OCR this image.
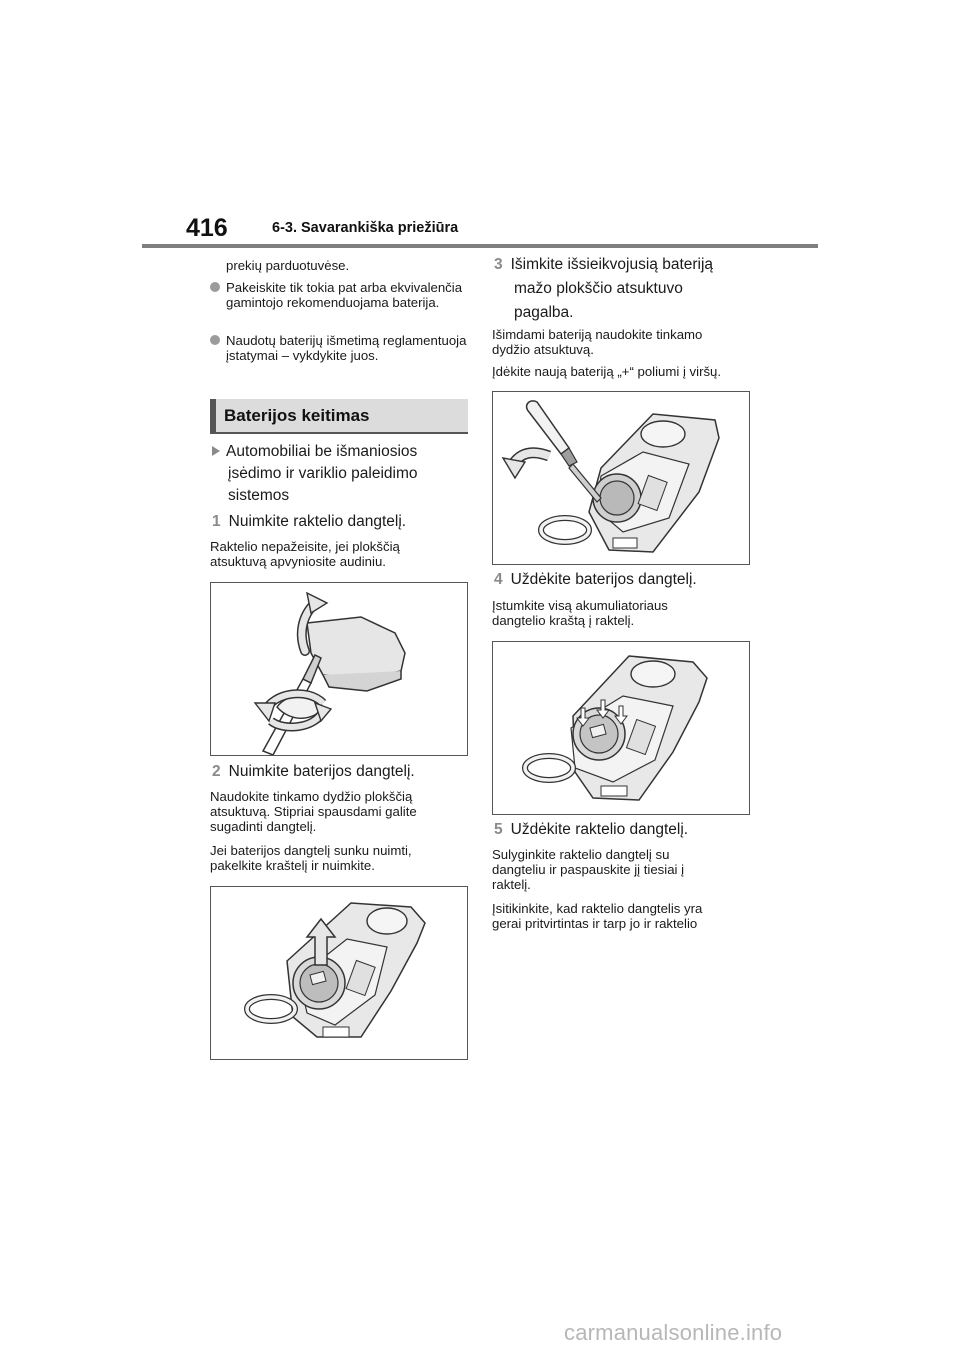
416	6-3. Savarankiška priežiūra
prekių parduotuvėse.
Pakeiskite tik tokia pat arba ekvivalenčia gamintojo rekomenduojama baterija.
Naudotų baterijų išmetimą reglamentuoja įstatymai – vykdykite juos.
Baterijos keitimas
Automobiliai be išmaniosios
įsėdimo ir variklio paleidimo
sistemos
1 Nuimkite raktelio dangtelį.
Raktelio nepažeisite, jei plokščią
atsuktuvą apvyniosite audiniu.
2 Nuimkite baterijos dangtelį.
Naudokite tinkamo dydžio plokščią
atsuktuvą. Stipriai spausdami galite
sugadinti dangtelį.
Jei baterijos dangtelį sunku nuimti,
pakelkite kraštelį ir nuimkite.
3 Išimkite išsieikvojusią bateriją
mažo plokščio atsuktuvo
pagalba.
Išimdami bateriją naudokite tinkamo
dydžio atsuktuvą.
Įdėkite naują bateriją „+“ poliumi į viršų.
4 Uždėkite baterijos dangtelį.
Įstumkite visą akumuliatoriaus
dangtelio kraštą į raktelį.
5 Uždėkite raktelio dangtelį.
Sulyginkite raktelio dangtelį su
dangteliu ir paspauskite jį tiesiai į
raktelį.
Įsitikinkite, kad raktelio dangtelis yra
gerai pritvirtintas ir tarp jo ir raktelio
carmanualsonline.info
